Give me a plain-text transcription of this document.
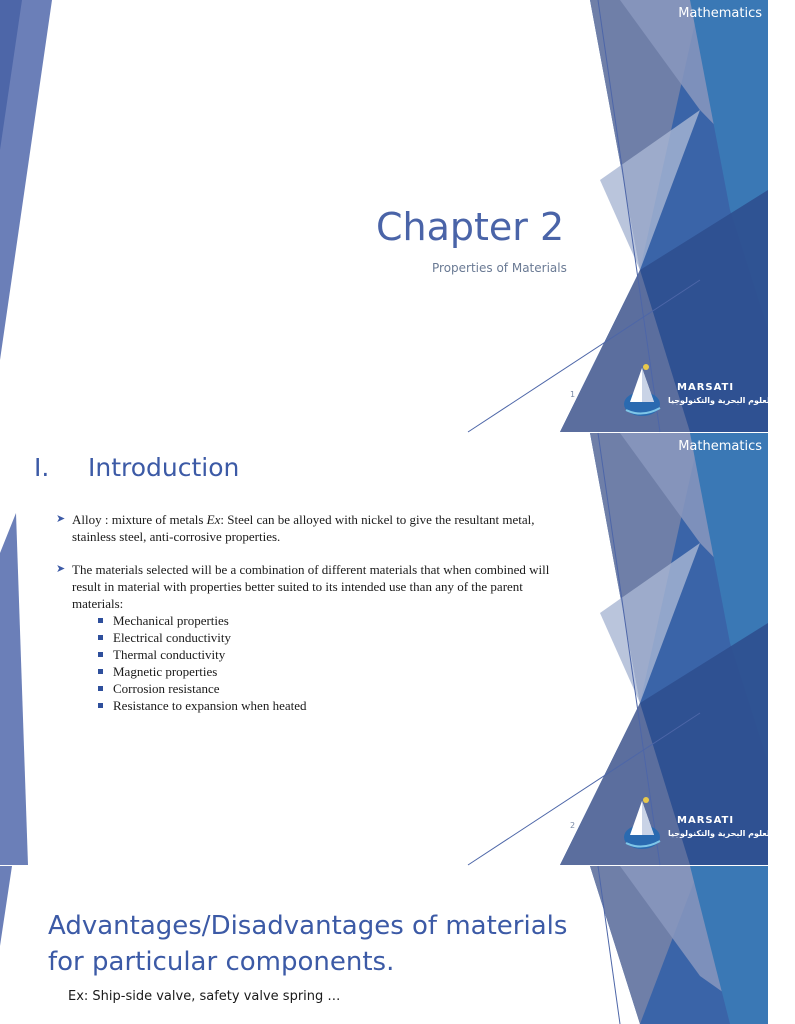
Mathematics
Chapter 2
Properties of Materials
1
MARSATI
معهد العلوم البحرية والتكنولوجيا
Mathematics
I. Introduction
➤ Alloy : mixture of metals Ex: Steel can be alloyed with nickel to give the resultant metal, stainless steel, anti-corrosive properties.
➤ The materials selected will be a combination of different materials that when combined will result in material with properties better suited to its intended use than any of the parent materials:
Mechanical properties
Electrical conductivity
Thermal conductivity
Magnetic properties
Corrosion resistance
Resistance to expansion when heated
2	MARSATI
معهد العلوم البحرية والتكنولوجيا
Advantages/Disadvantages of materials for particular components.
Ex: Ship-side valve, safety valve spring …
